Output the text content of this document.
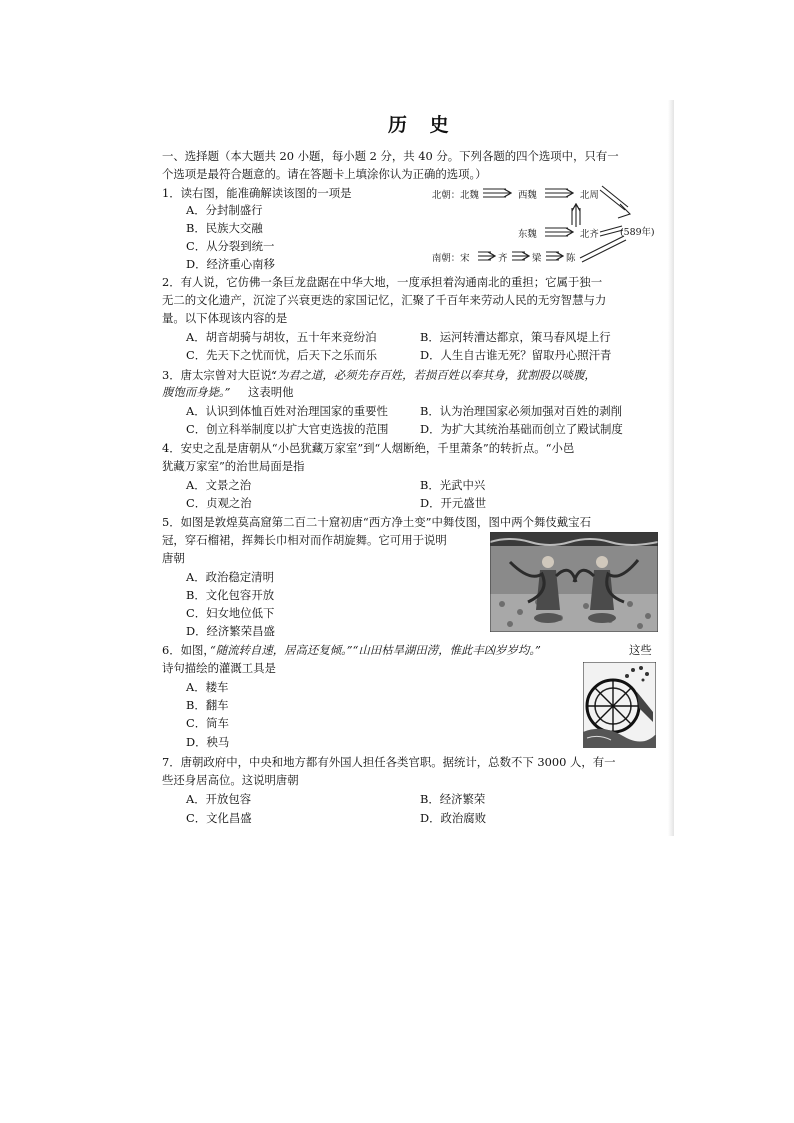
历 史
一、选择题（本大题共 20 小题，每小题 2 分，共 40 分。下列各题的四个选项中，只有一
个选项是最符合题意的。请在答题卡上填涂你认为正确的选项。）
1．读右图，能准确解读该图的一项是
A．分封制盛行
B．民族大交融
C．从分裂到统一
D．经济重心南移
北朝：北魏	西魏	北周
东魏	北齐 (589年)
南朝：宋	齐	梁	陈
2．有人说，它仿佛一条巨龙盘踞在中华大地，一度承担着沟通南北的重担；它属于独一
无二的文化遗产，沉淀了兴衰更迭的家国记忆，汇聚了千百年来劳动人民的无穷智慧与力
量。以下体现该内容的是
A．胡音胡骑与胡妆，五十年来竞纷泊	B．运河转漕达都京，策马春风堤上行
C．先天下之忧而忧，后天下之乐而乐	D．人生自古谁无死？留取丹心照汗青
3．唐太宗曾对大臣说：
“为君之道，必须先存百姓，若损百姓以奉其身，犹割股以啖腹，
腹饱而身毙。” 这表明他
A．认识到体恤百姓对治理国家的重要性	B．认为治理国家必须加强对百姓的剥削
C．创立科举制度以扩大官吏选拔的范围	D．为扩大其统治基础而创立了殿试制度
4．安史之乱是唐朝从“小邑犹藏万家室”到“人烟断绝，千里萧条”的转折点。“小邑
犹藏万家室”的治世局面是指
A．文景之治	B．光武中兴
C．贞观之治	D．开元盛世
5．如图是敦煌莫高窟第二百二十窟初唐“西方净土变”中舞伎图，图中两个舞伎戴宝石
冠，穿石榴裙，挥舞长巾相对而作胡旋舞。它可用于说明
唐朝
A．政治稳定清明
B．文化包容开放
C．妇女地位低下
D．经济繁荣昌盛
6．如图，
“随流转自速，居高还复倾。”“山田枯旱湖田涝，惟此丰凶岁岁均。”	这些
诗句描绘的灌溉工具是
A．耧车
B．翻车
C．筒车
D．秧马
7．唐朝政府中，中央和地方都有外国人担任各类官职。据统计，总数不下 3000 人，有一
些还身居高位。这说明唐朝
A．开放包容	B．经济繁荣
C．文化昌盛	D．政治腐败
